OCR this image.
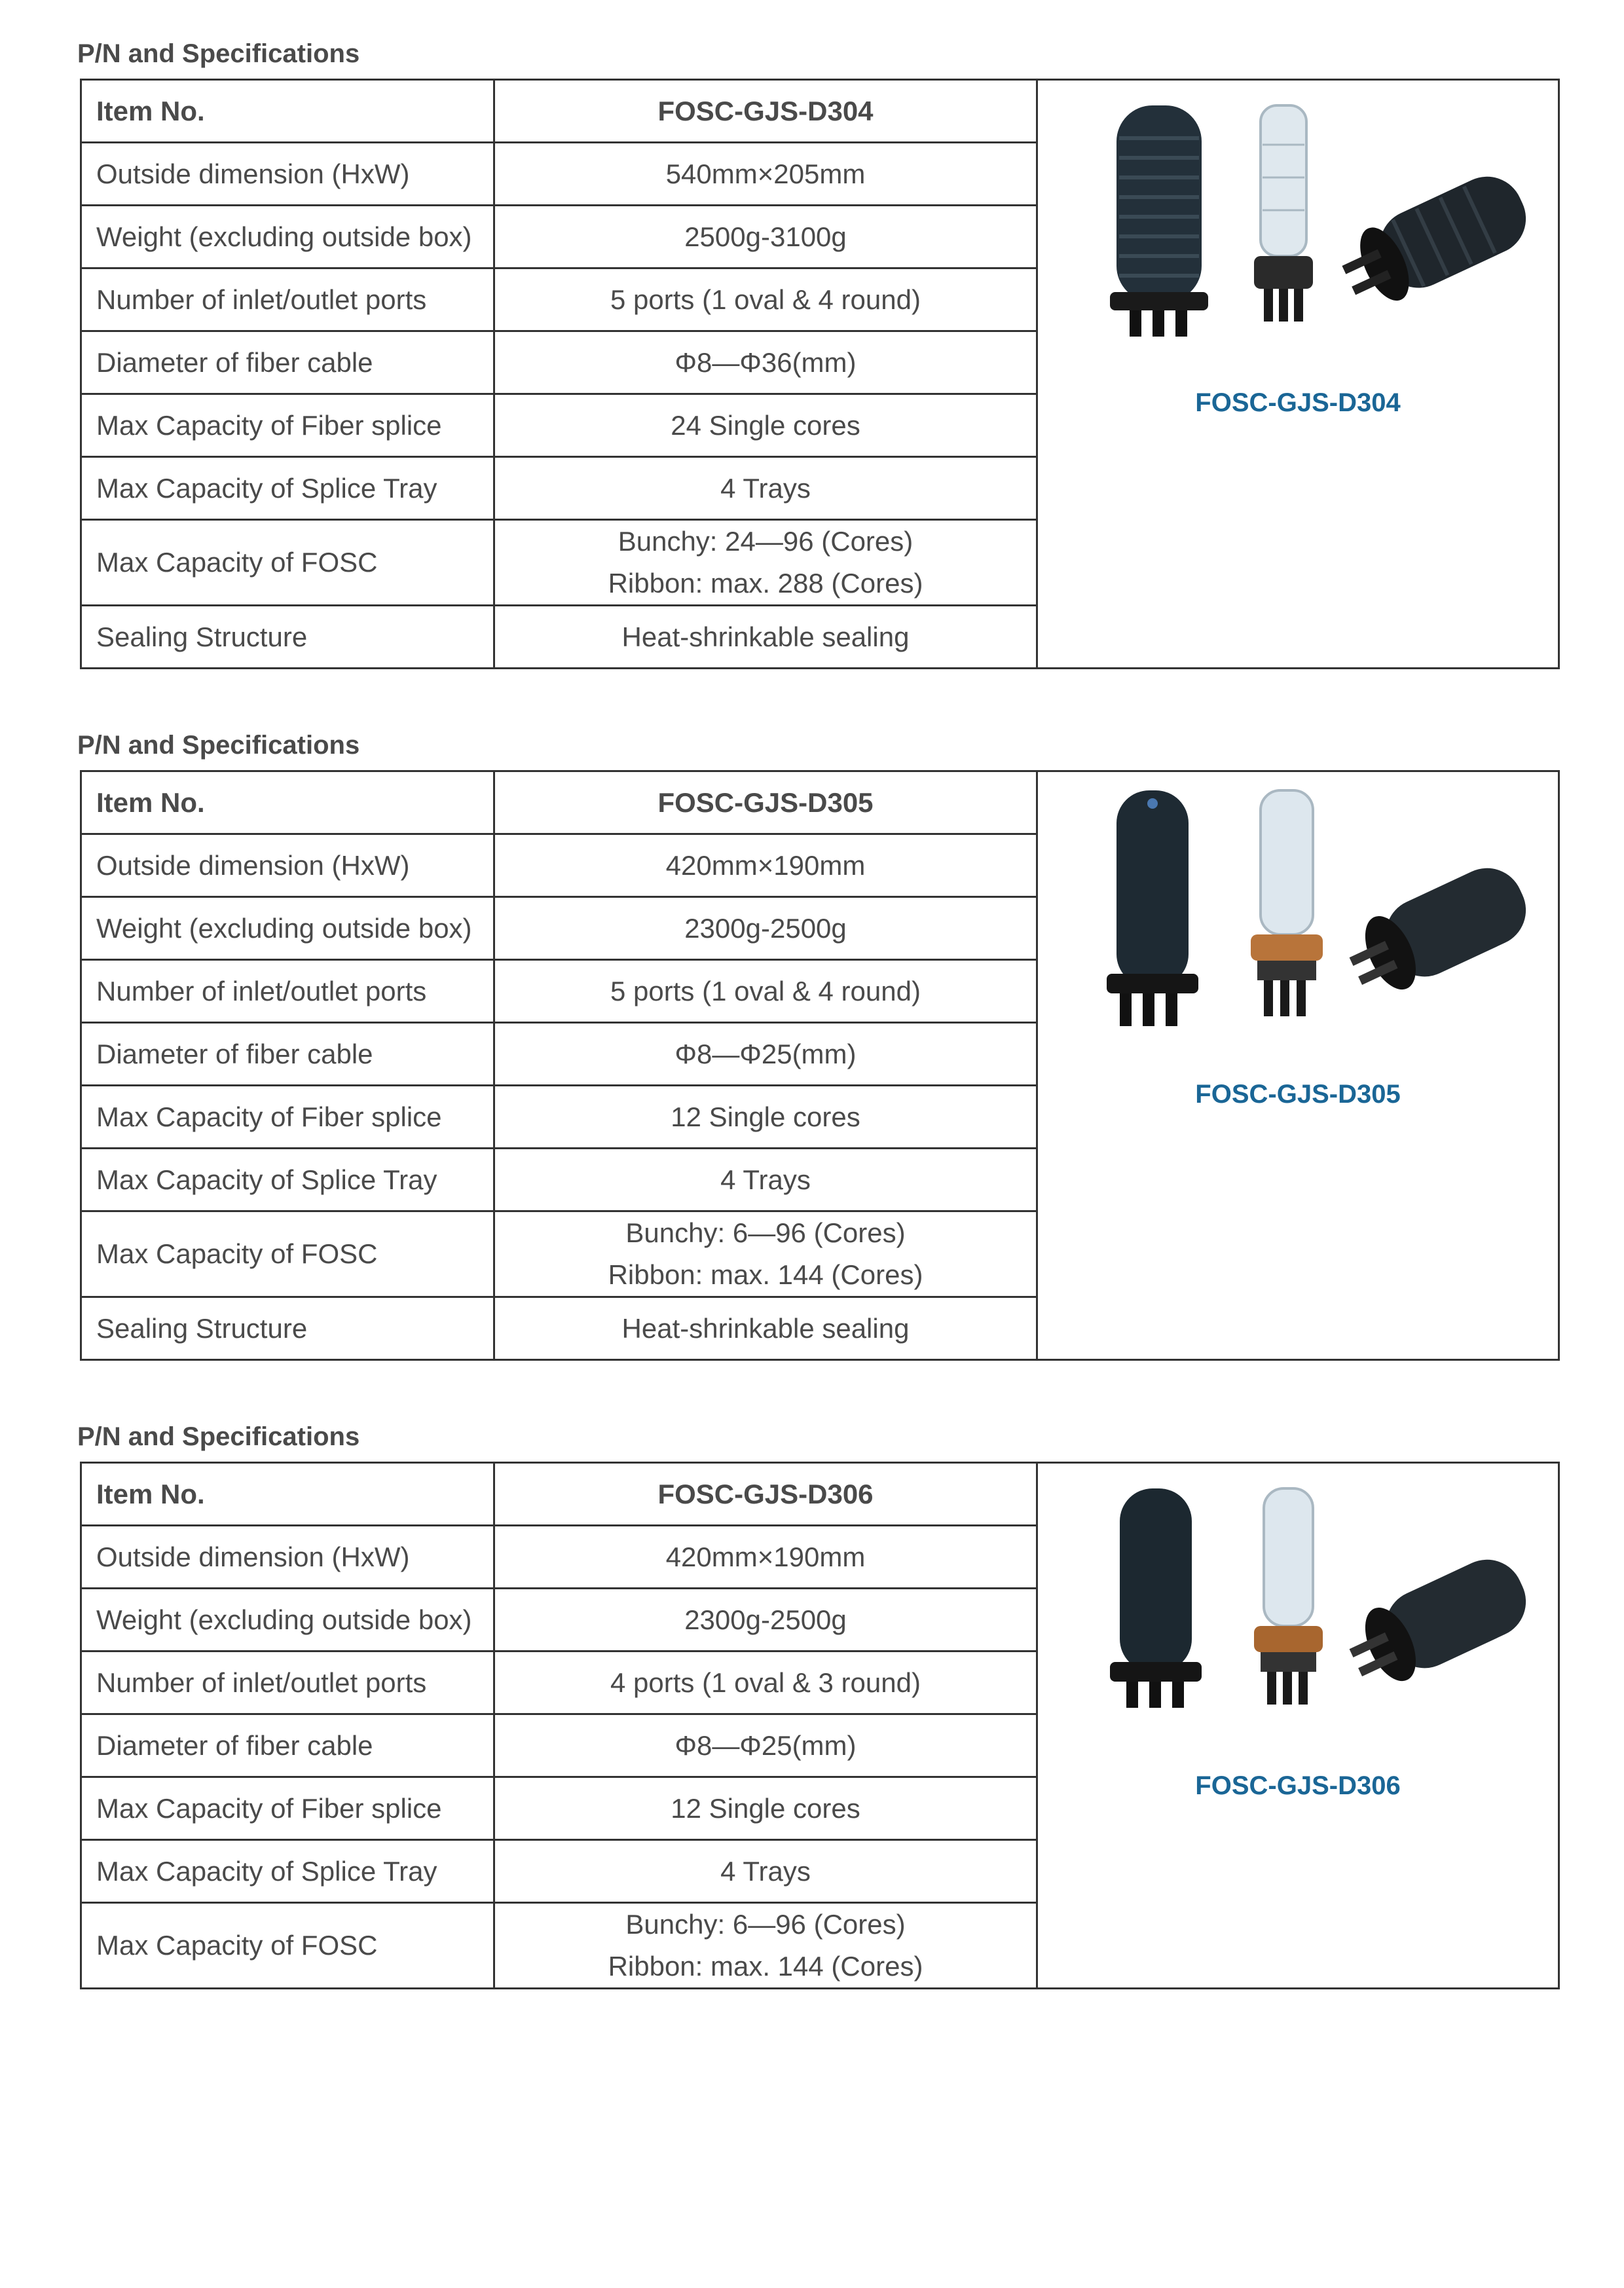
P/N and Specifications
Item No.	FOSC-GJS-D304	FOSC-GJS-D304

Outside dimension (HxW)	540mm×205mm	
Weight (excluding outside box)	2500g-3100g	
Number of inlet/outlet ports	5 ports (1 oval & 4 round)	
Diameter of fiber cable	Φ8—Φ36(mm)	
Max Capacity of Fiber splice	24 Single cores	
Max Capacity of Splice Tray	4 Trays	
Max Capacity of FOSC	Bunchy: 24—96 (Cores)
Ribbon: max. 288 (Cores)	
Sealing Structure	Heat-shrinkable sealing	
P/N and Specifications
Item No.	FOSC-GJS-D305	FOSC-GJS-D305

Outside dimension (HxW)	420mm×190mm	
Weight (excluding outside box)	2300g-2500g	
Number of inlet/outlet ports	5 ports (1 oval & 4 round)	
Diameter of fiber cable	Φ8—Φ25(mm)	
Max Capacity of Fiber splice	12 Single cores	
Max Capacity of Splice Tray	4 Trays	
Max Capacity of FOSC	Bunchy: 6—96 (Cores)
Ribbon: max. 144 (Cores)	
Sealing Structure	Heat-shrinkable sealing	
P/N and Specifications
Item No.	FOSC-GJS-D306	FOSC-GJS-D306

Outside dimension (HxW)	420mm×190mm	
Weight (excluding outside box)	2300g-2500g	
Number of inlet/outlet ports	4 ports (1 oval & 3 round)	
Diameter of fiber cable	Φ8—Φ25(mm)	
Max Capacity of Fiber splice	12 Single cores	
Max Capacity of Splice Tray	4 Trays	
Max Capacity of FOSC	Bunchy: 6—96 (Cores)
Ribbon: max. 144 (Cores)	
